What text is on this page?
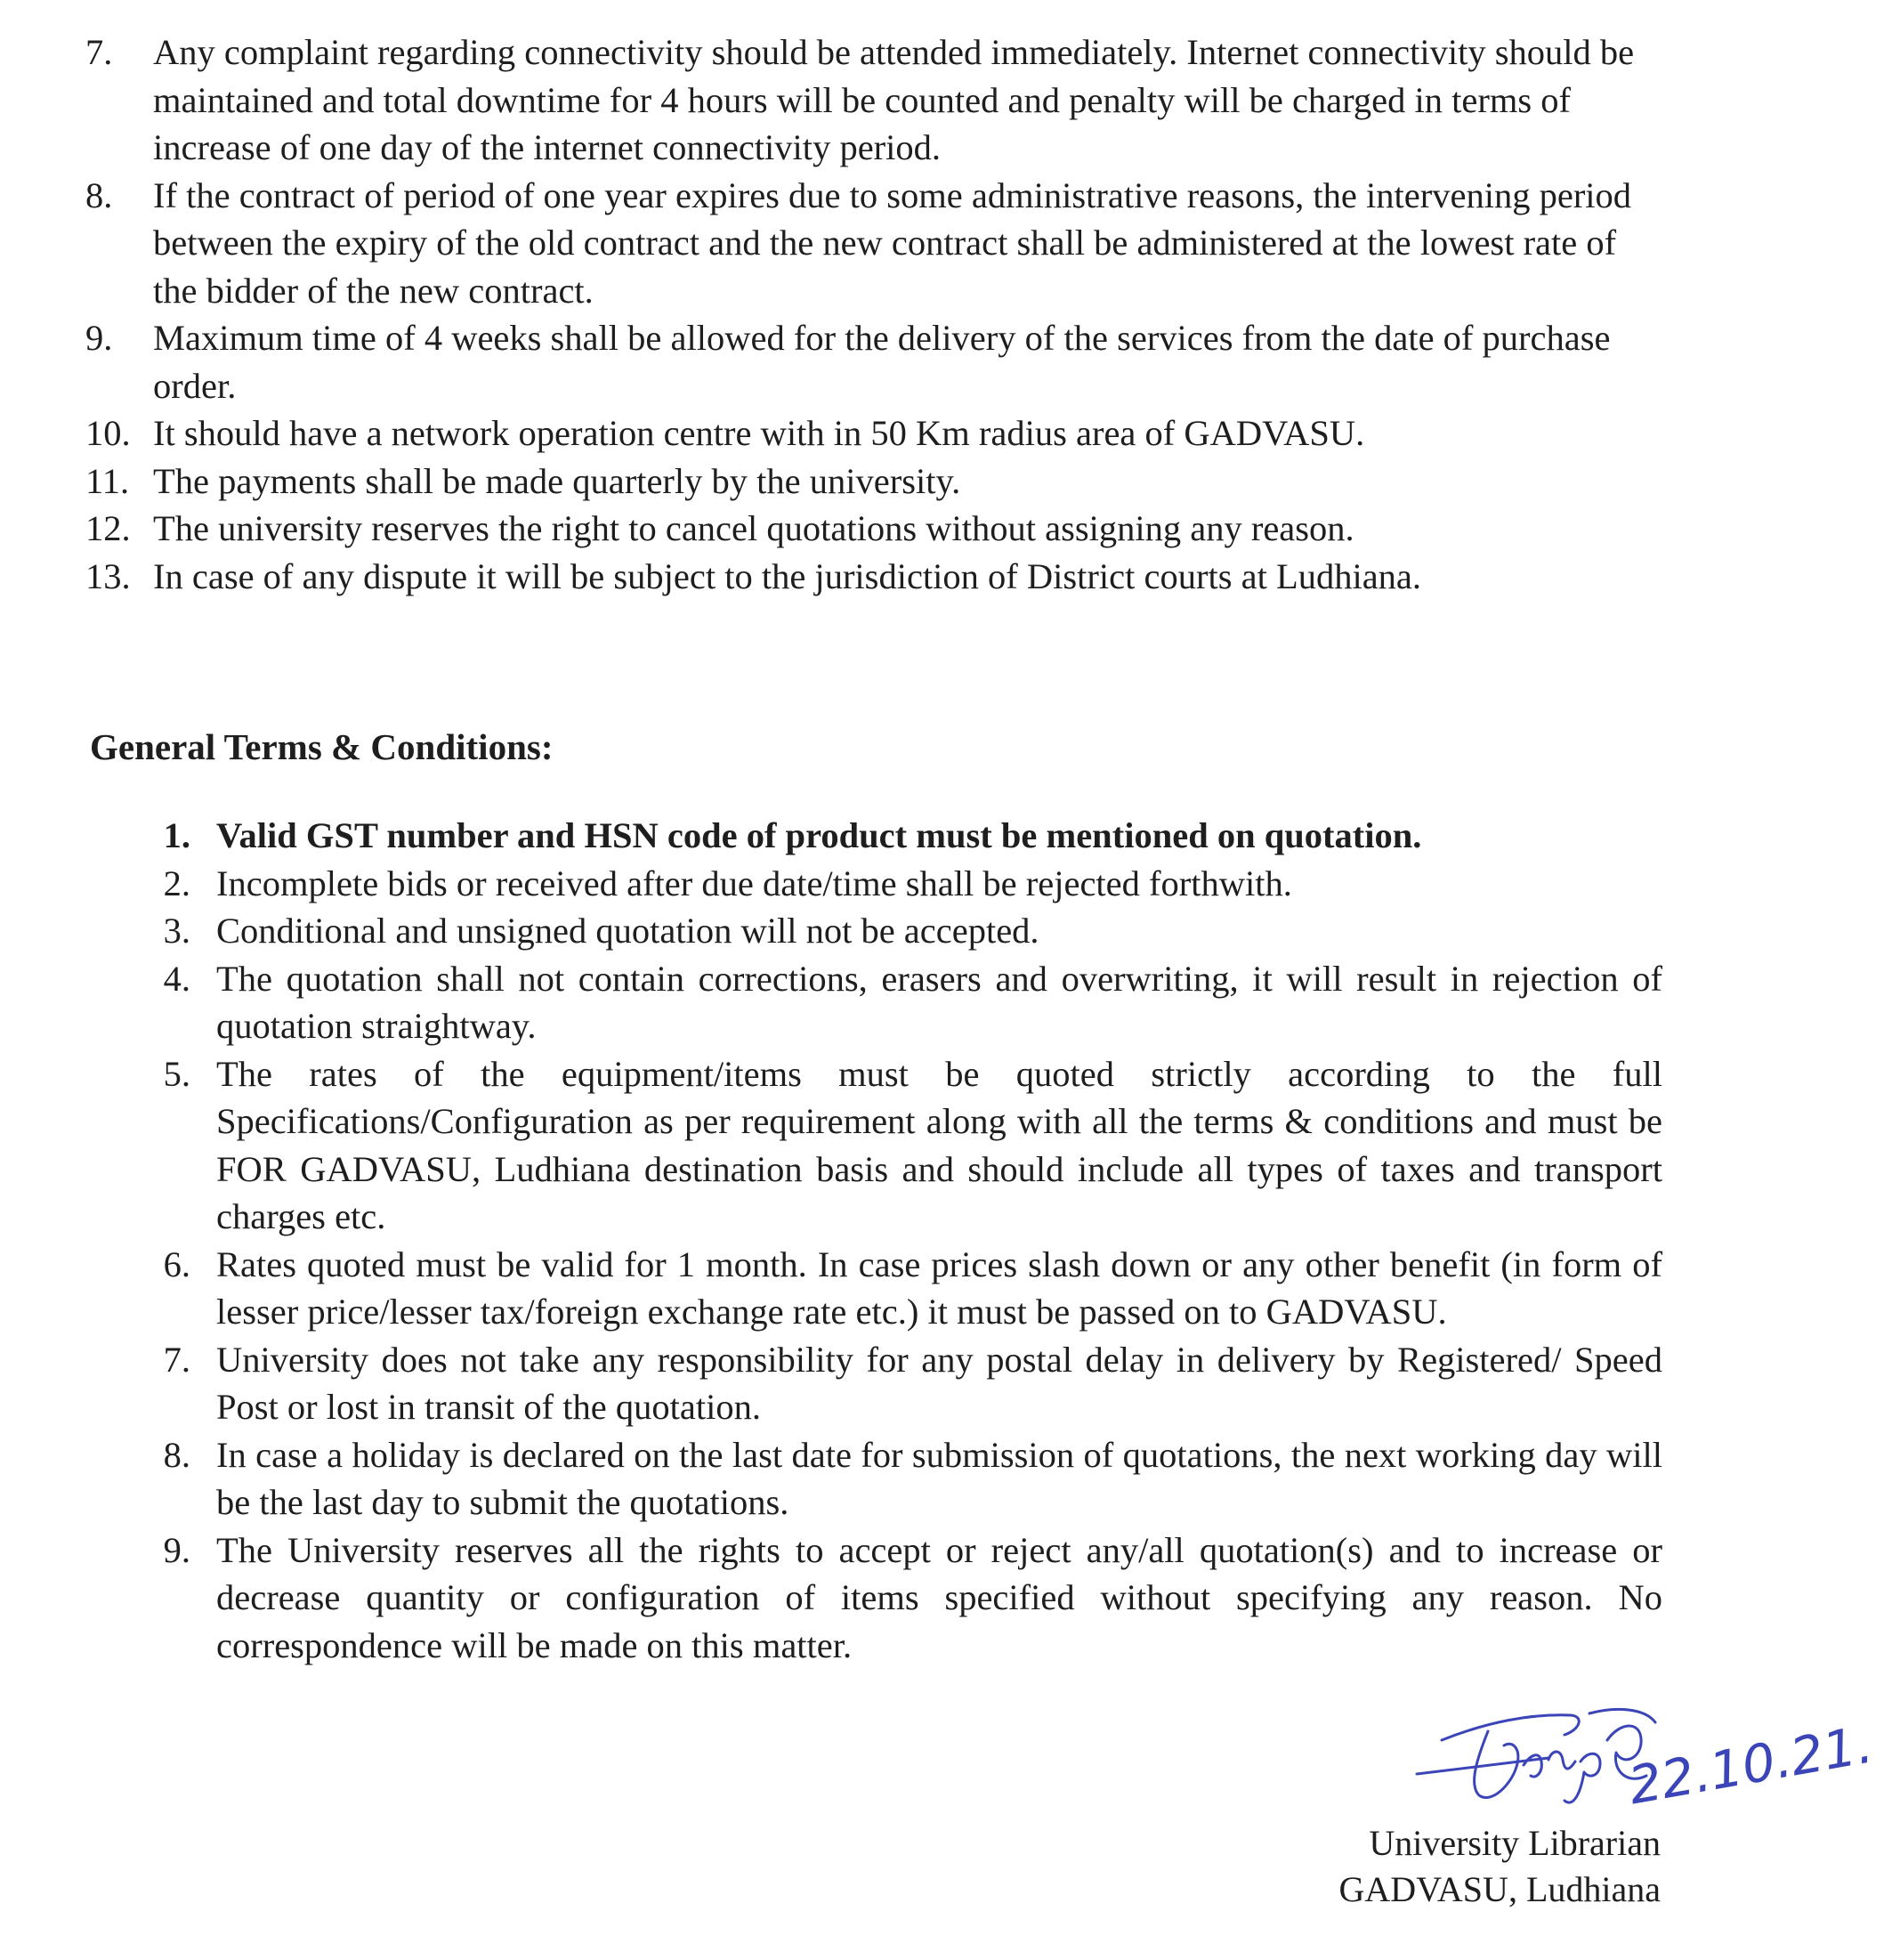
7.	Any complaint regarding connectivity should be attended immediately. Internet connectivity should be maintained and total downtime for 4 hours will be counted and penalty will be charged in terms of increase of one day of the internet connectivity period.
8.	If the contract of period of one year expires due to some administrative reasons, the intervening period between the expiry of the old contract and the new contract shall be administered at the lowest rate of the bidder of the new contract.
9.	Maximum time of 4 weeks shall be allowed for the delivery of the services from the date of purchase order.
10. It should have a network operation centre with in 50 Km radius area of GADVASU.
11. The payments shall be made quarterly by the university.
12. The university reserves the right to cancel quotations without assigning any reason.
13. In case of any dispute it will be subject to the jurisdiction of District courts at Ludhiana.
General Terms & Conditions:
1. Valid GST number and HSN code of product must be mentioned on quotation.
2. Incomplete bids or received after due date/time shall be rejected forthwith.
3. Conditional and unsigned quotation will not be accepted.
4. The quotation shall not contain corrections, erasers and overwriting, it will result in rejection of quotation straightway.
5. The rates of the equipment/items must be quoted strictly according to the full Specifications/Configuration as per requirement along with all the terms & conditions and must be FOR GADVASU, Ludhiana destination basis and should include all types of taxes and transport charges etc.
6. Rates quoted must be valid for 1 month. In case prices slash down or any other benefit (in form of lesser price/lesser tax/foreign exchange rate etc.) it must be passed on to GADVASU.
7. University does not take any responsibility for any postal delay in delivery by Registered/ Speed Post or lost in transit of the quotation.
8. In case a holiday is declared on the last date for submission of quotations, the next working day will be the last day to submit the quotations.
9. The University reserves all the rights to accept or reject any/all quotation(s) and to increase or decrease quantity or configuration of items specified without specifying any reason. No correspondence will be made on this matter.
22.10.21.
University Librarian
GADVASU, Ludhiana
